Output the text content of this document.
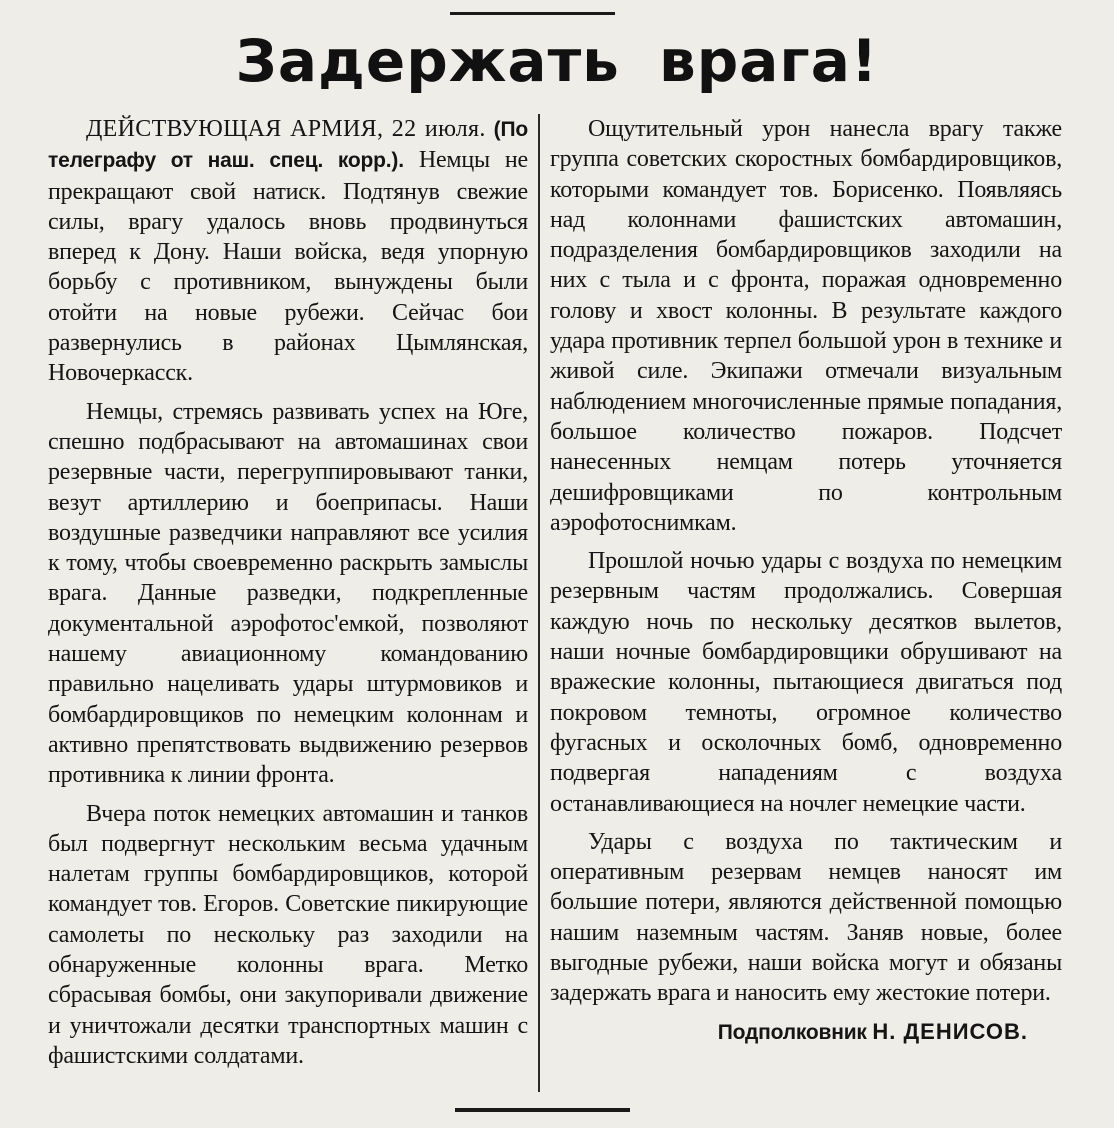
Задержать врага!

ДЕЙСТВУЮЩАЯ АРМИЯ, 22 июля. (По телеграфу от наш. спец. корр.). Немцы не прекращают свой натиск. Подтянув свежие силы, врагу удалось вновь продвинуться вперед к Дону. Наши войска, ведя упорную борьбу с противником, вынуждены были отойти на новые рубежи. Сейчас бои развернулись в районах Цымлянская, Новочеркасск.

Немцы, стремясь развивать успех на Юге, спешно подбрасывают на автомашинах свои резервные части, перегруппировывают танки, везут артиллерию и боеприпасы. Наши воздушные разведчики направляют все усилия к тому, чтобы своевременно раскрыть замыслы врага. Данные разведки, подкрепленные документальной аэрофотос'емкой, позволяют нашему авиационному командованию правильно нацеливать удары штурмовиков и бомбардировщиков по немецким колоннам и активно препятствовать выдвижению резервов противника к линии фронта.

Вчера поток немецких автомашин и танков был подвергнут нескольким весьма удачным налетам группы бомбардировщиков, которой командует тов. Егоров. Советские пикирующие самолеты по нескольку раз заходили на обнаруженные колонны врага. Метко сбрасывая бомбы, они закупоривали движение и уничтожали десятки транспортных машин с фашистскими солдатами.

Ощутительный урон нанесла врагу также группа советских скоростных бомбардировщиков, которыми командует тов. Борисенко. Появляясь над колоннами фашистских автомашин, подразделения бомбардировщиков заходили на них с тыла и с фронта, поражая одновременно голову и хвост колонны. В результате каждого удара противник терпел большой урон в технике и живой силе. Экипажи отмечали визуальным наблюдением многочисленные прямые попадания, большое количество пожаров. Подсчет нанесенных немцам потерь уточняется дешифровщиками по контрольным аэрофотоснимкам.

Прошлой ночью удары с воздуха по немецким резервным частям продолжались. Совершая каждую ночь по нескольку десятков вылетов, наши ночные бомбардировщики обрушивают на вражеские колонны, пытающиеся двигаться под покровом темноты, огромное количество фугасных и осколочных бомб, одновременно подвергая нападениям с воздуха останавливающиеся на ночлег немецкие части.

Удары с воздуха по тактическим и оперативным резервам немцев наносят им большие потери, являются действенной помощью нашим наземным частям. Заняв новые, более выгодные рубежи, наши войска могут и обязаны задержать врага и наносить ему жестокие потери.

Подполковник Н. ДЕНИСОВ.
